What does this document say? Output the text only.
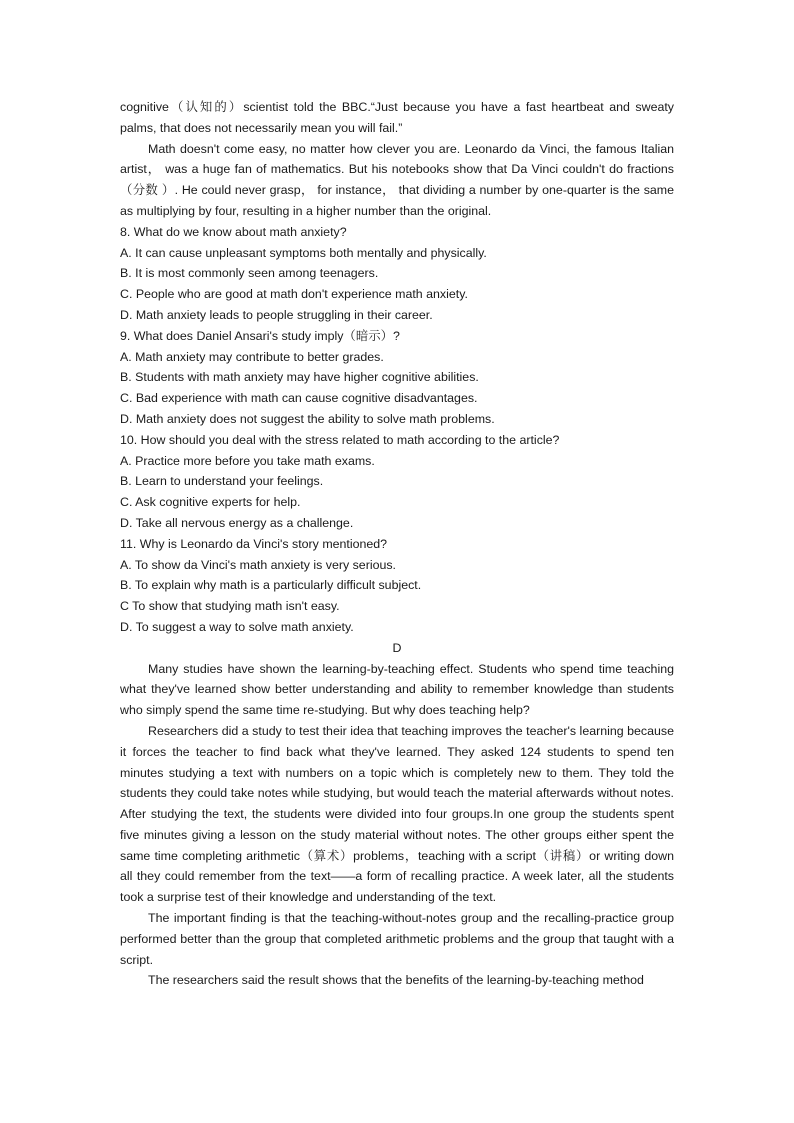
cognitive（认知的）scientist told the BBC.“Just because you have a fast heartbeat and sweaty palms, that does not necessarily mean you will fail.”

Math doesn't come easy, no matter how clever you are. Leonardo da Vinci, the famous Italian artist， was a huge fan of mathematics. But his notebooks show that Da Vinci couldn't do fractions（分数 ）. He could never grasp， for instance， that dividing a number by one-quarter is the same as multiplying by four, resulting in a higher number than the original.

8. What do we know about math anxiety?

A. It can cause unpleasant symptoms both mentally and physically.

B. It is most commonly seen among teenagers.

C. People who are good at math don't experience math anxiety.

D. Math anxiety leads to people struggling in their career.

9. What does Daniel Ansari's study imply（暗示）?

A. Math anxiety may contribute to better grades.

B. Students with math anxiety may have higher cognitive abilities.

C. Bad experience with math can cause cognitive disadvantages.

D. Math anxiety does not suggest the ability to solve math problems.

10. How should you deal with the stress related to math according to the article?

A. Practice more before you take math exams.

B. Learn to understand your feelings.

C. Ask cognitive experts for help.

D. Take all nervous energy as a challenge.

11. Why is Leonardo da Vinci's story mentioned?

A. To show da Vinci's math anxiety is very serious.

B. To explain why math is a particularly difficult subject.

C To show that studying math isn't easy.

D. To suggest a way to solve math anxiety.

D

Many studies have shown the learning-by-teaching effect. Students who spend time teaching what they've learned show better understanding and ability to remember knowledge than students who simply spend the same time re-studying. But why does teaching help?

Researchers did a study to test their idea that teaching improves the teacher's learning because it forces the teacher to find back what they've learned. They asked 124 students to spend ten minutes studying a text with numbers on a topic which is completely new to them. They told the students they could take notes while studying, but would teach the material afterwards without notes. After studying the text, the students were divided into four groups.In one group the students spent five minutes giving a lesson on the study material without notes. The other groups either spent the same time completing arithmetic（算术）problems，teaching with a script（讲稿）or writing down all they could remember from the text——a form of recalling practice. A week later, all the students took a surprise test of their knowledge and understanding of the text.

The important finding is that the teaching-without-notes group and the recalling-practice group performed better than the group that completed arithmetic problems and the group that taught with a script.

The researchers said the result shows that the benefits of the learning-by-teaching method
